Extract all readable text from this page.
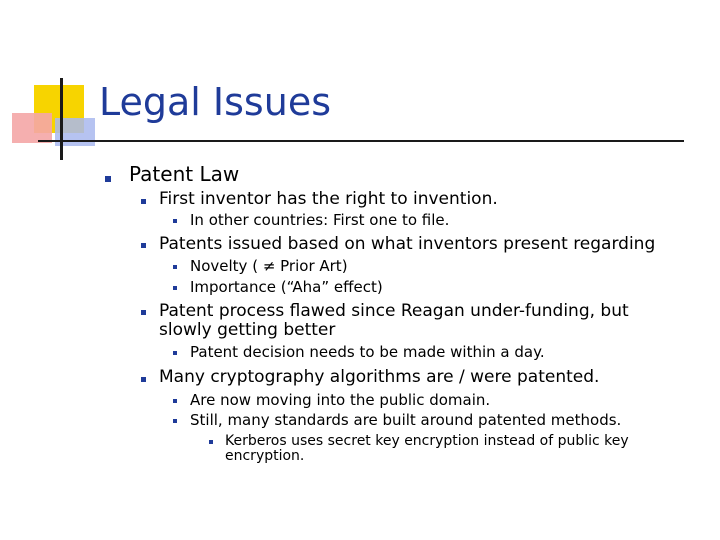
Legal Issues
Patent Law
First inventor has the right to invention.
In other countries: First one to file.
Patents issued based on what inventors present regarding
Novelty ( ≠ Prior Art)
Importance (“Aha” effect)
Patent process flawed since Reagan under-funding, but
slowly getting better
Patent decision needs to be made within a day.
Many cryptography algorithms are / were patented.
Are now moving into the public domain.
Still, many standards are built around patented methods.
Kerberos uses secret key encryption instead of public key
encryption.
